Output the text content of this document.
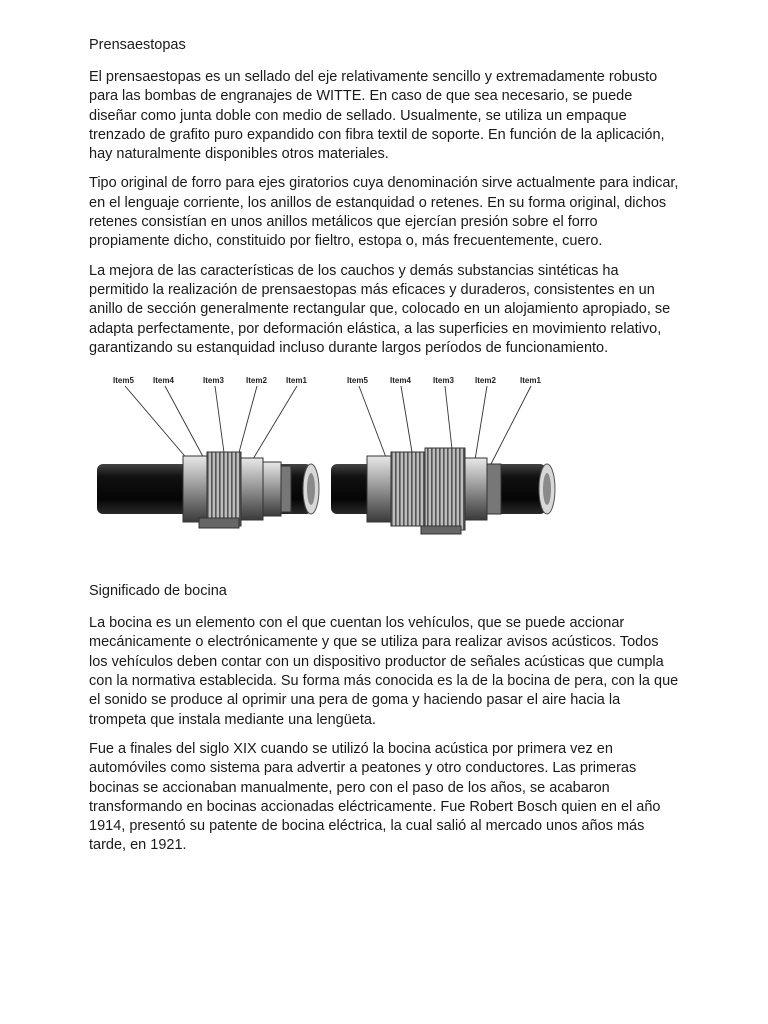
Prensaestopas

El prensaestopas es un sellado del eje relativamente sencillo y extremadamente robusto para las bombas de engranajes de WITTE. En caso de que sea necesario, se puede diseñar como junta doble con medio de sellado. Usualmente, se utiliza un empaque trenzado de grafito puro expandido con fibra textil de soporte. En función de la aplicación, hay naturalmente disponibles otros materiales.

Tipo original de forro para ejes giratorios cuya denominación sirve actualmente para indicar, en el lenguaje corriente, los anillos de estanquidad o retenes. En su forma original, dichos retenes consistían en unos anillos metálicos que ejercían presión sobre el forro propiamente dicho, constituido por fieltro, estopa o, más frecuentemente, cuero.

La mejora de las características de los cauchos y demás substancias sintéticas ha permitido la realización de prensaestopas más eficaces y duraderos, consistentes en un anillo de sección generalmente rectangular que, colocado en un alojamiento apropiado, se adapta perfectamente, por deformación elástica, a las superficies en movimiento relativo, garantizando su estanquidad incluso durante largos períodos de funcionamiento.

Item5 Item4	Item3	Item2 Item1	Item5	Item4	Item3	Item2	Item1
Significado de bocina

La bocina es un elemento con el que cuentan los vehículos, que se puede accionar mecánicamente o electrónicamente y que se utiliza para realizar avisos acústicos. Todos los vehículos deben contar con un dispositivo productor de señales acústicas que cumpla con la normativa establecida. Su forma más conocida es la de la bocina de pera, con la que el sonido se produce al oprimir una pera de goma y haciendo pasar el aire hacia la trompeta que instala mediante una lengüeta.

Fue a finales del siglo XIX cuando se utilizó la bocina acústica por primera vez en automóviles como sistema para advertir a peatones y otro conductores. Las primeras bocinas se accionaban manualmente, pero con el paso de los años, se acabaron transformando en bocinas accionadas eléctricamente. Fue Robert Bosch quien en el año 1914, presentó su patente de bocina eléctrica, la cual salió al mercado unos años más tarde, en 1921.
